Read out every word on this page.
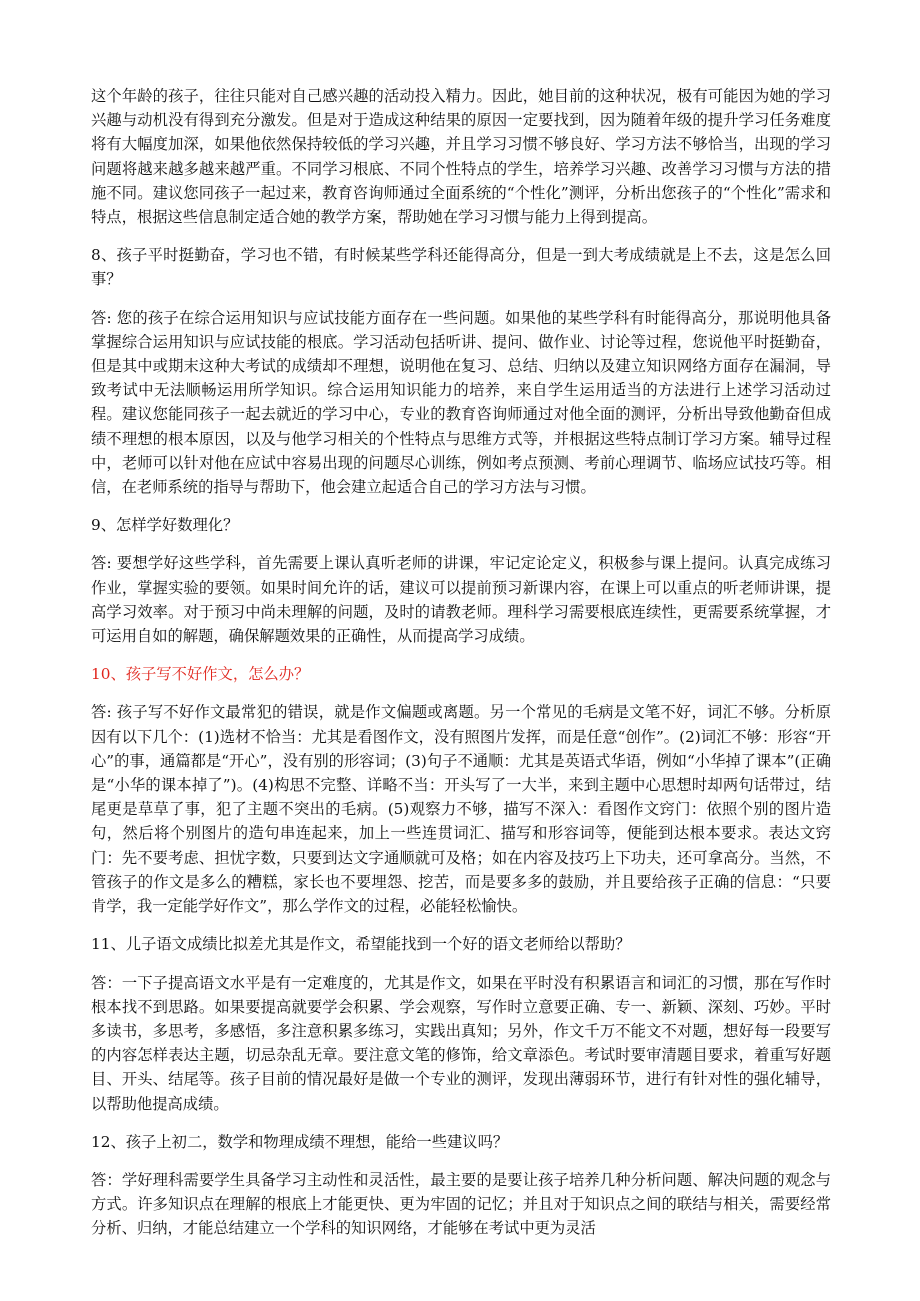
这个年龄的孩子，往往只能对自己感兴趣的活动投入精力。因此，她目前的这种状况，极有可能因为她的学习兴趣与动机没有得到充分激发。但是对于造成这种结果的原因一定要找到，因为随着年级的提升学习任务难度将有大幅度加深，如果他依然保持较低的学习兴趣，并且学习习惯不够良好、学习方法不够恰当，出现的学习问题将越来越多越来越严重。不同学习根底、不同个性特点的学生，培养学习兴趣、改善学习习惯与方法的措施不同。建议您同孩子一起过来，教育咨询师通过全面系统的“个性化”测评，分析出您孩子的“个性化”需求和特点，根据这些信息制定适合她的教学方案，帮助她在学习习惯与能力上得到提高。

8、孩子平时挺勤奋，学习也不错，有时候某些学科还能得高分，但是一到大考成绩就是上不去，这是怎么回事？

答: 您的孩子在综合运用知识与应试技能方面存在一些问题。如果他的某些学科有时能得高分，那说明他具备掌握综合运用知识与应试技能的根底。学习活动包括听讲、提问、做作业、讨论等过程，您说他平时挺勤奋，但是其中或期末这种大考试的成绩却不理想，说明他在复习、总结、归纳以及建立知识网络方面存在漏洞，导致考试中无法顺畅运用所学知识。综合运用知识能力的培养，来自学生运用适当的方法进行上述学习活动过程。建议您能同孩子一起去就近的学习中心，专业的教育咨询师通过对他全面的测评，分析出导致他勤奋但成绩不理想的根本原因，以及与他学习相关的个性特点与思维方式等，并根据这些特点制订学习方案。辅导过程中，老师可以针对他在应试中容易出现的问题尽心训练，例如考点预测、考前心理调节、临场应试技巧等。相信，在老师系统的指导与帮助下，他会建立起适合自己的学习方法与习惯。

9、怎样学好数理化？

答: 要想学好这些学科，首先需要上课认真听老师的讲课，牢记定论定义，积极参与课上提问。认真完成练习作业，掌握实验的要领。如果时间允许的话，建议可以提前预习新课内容，在课上可以重点的听老师讲课，提高学习效率。对于预习中尚未理解的问题，及时的请教老师。理科学习需要根底连续性，更需要系统掌握，才可运用自如的解题，确保解题效果的正确性，从而提高学习成绩。

10、孩子写不好作文，怎么办？

答: 孩子写不好作文最常犯的错误，就是作文偏题或离题。另一个常见的毛病是文笔不好，词汇不够。分析原因有以下几个：(1)选材不恰当：尤其是看图作文，没有照图片发挥，而是任意“创作”。(2)词汇不够：形容“开心”的事，通篇都是“开心”，没有别的形容词；(3)句子不通顺：尤其是英语式华语，例如“小华掉了课本”(正确是“小华的课本掉了”)。(4)构思不完整、详略不当：开头写了一大半，来到主题中心思想时却两句话带过，结尾更是草草了事，犯了主题不突出的毛病。(5)观察力不够，描写不深入：看图作文窍门：依照个别的图片造句，然后将个别图片的造句串连起来，加上一些连贯词汇、描写和形容词等，便能到达根本要求。表达文窍门：先不要考虑、担忧字数，只要到达文字通顺就可及格；如在内容及技巧上下功夫，还可拿高分。当然，不管孩子的作文是多么的糟糕，家长也不要埋怨、挖苦，而是要多多的鼓励，并且要给孩子正确的信息：“只要肯学，我一定能学好作文”，那么学作文的过程，必能轻松愉快。

11、儿子语文成绩比拟差尤其是作文，希望能找到一个好的语文老师给以帮助？

答：一下子提高语文水平是有一定难度的，尤其是作文，如果在平时没有积累语言和词汇的习惯，那在写作时根本找不到思路。如果要提高就要学会积累、学会观察，写作时立意要正确、专一、新颖、深刻、巧妙。平时多读书，多思考，多感悟，多注意积累多练习，实践出真知；另外，作文千万不能文不对题，想好每一段要写的内容怎样表达主题，切忌杂乱无章。要注意文笔的修饰，给文章添色。考试时要审清题目要求，着重写好题目、开头、结尾等。孩子目前的情况最好是做一个专业的测评，发现出薄弱环节，进行有针对性的强化辅导，以帮助他提高成绩。

12、孩子上初二，数学和物理成绩不理想，能给一些建议吗？

答：学好理科需要学生具备学习主动性和灵活性，最主要的是要让孩子培养几种分析问题、解决问题的观念与方式。许多知识点在理解的根底上才能更快、更为牢固的记忆；并且对于知识点之间的联结与相关，需要经常分析、归纳，才能总结建立一个学科的知识网络，才能够在考试中更为灵活
